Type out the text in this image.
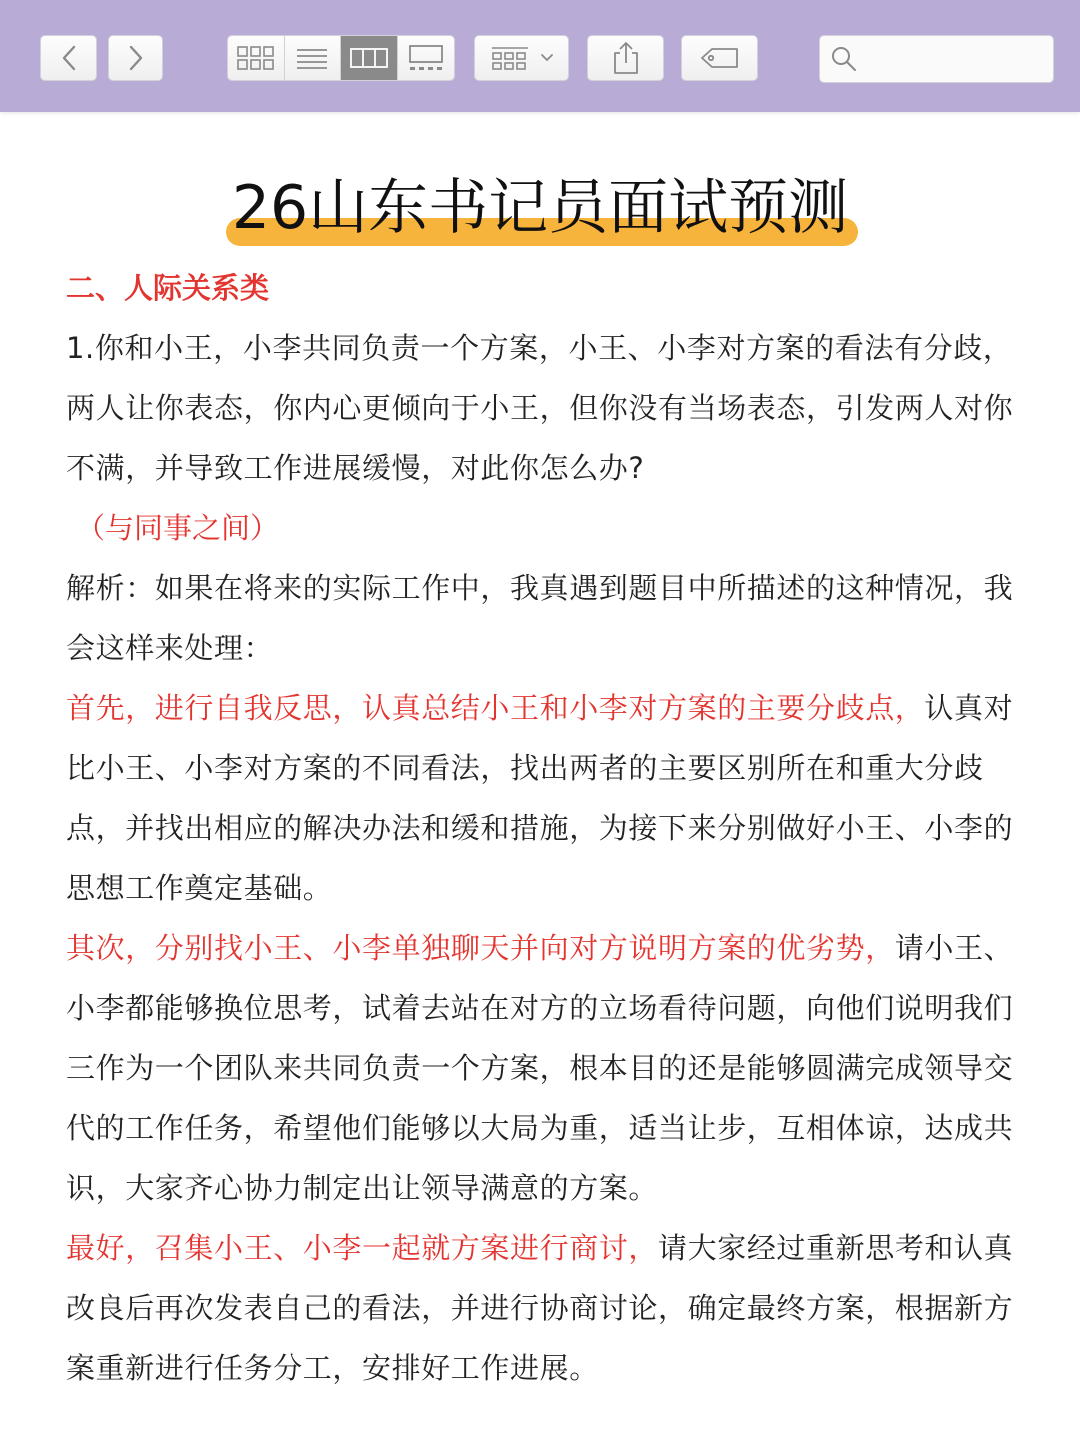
26山东书记员面试预测

二、人际关系类

1.你和小王，小李共同负责一个方案，小王、小李对方案的看法有分歧，两人让你表态，你内心更倾向于小王，但你没有当场表态，引发两人对你不满，并导致工作进展缓慢，对此你怎么办?

（与同事之间）

解析：如果在将来的实际工作中，我真遇到题目中所描述的这种情况，我会这样来处理：

首先，进行自我反思，认真总结小王和小李对方案的主要分歧点，认真对比小王、小李对方案的不同看法，找出两者的主要区别所在和重大分歧点，并找出相应的解决办法和缓和措施，为接下来分别做好小王、小李的思想工作奠定基础。

其次，分别找小王、小李单独聊天并向对方说明方案的优劣势，请小王、小李都能够换位思考，试着去站在对方的立场看待问题，向他们说明我们三作为一个团队来共同负责一个方案，根本目的还是能够圆满完成领导交代的工作任务，希望他们能够以大局为重，适当让步，互相体谅，达成共识，大家齐心协力制定出让领导满意的方案。

最好，召集小王、小李一起就方案进行商讨，请大家经过重新思考和认真改良后再次发表自己的看法，并进行协商讨论，确定最终方案，根据新方案重新进行任务分工，安排好工作进展。
